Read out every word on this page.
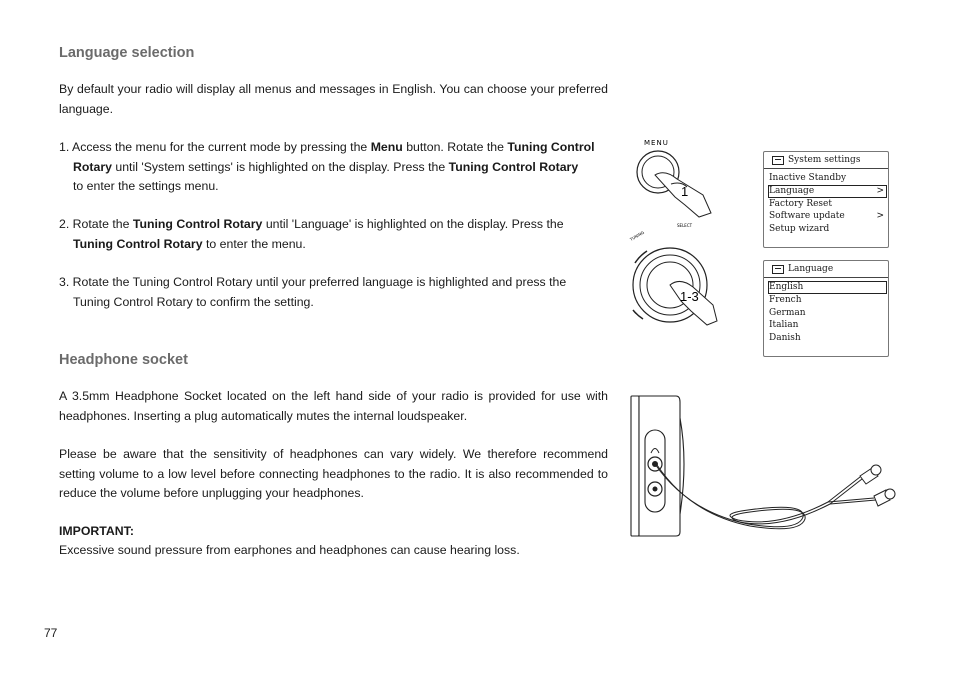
Language selection

By default your radio will display all menus and messages in English. You can choose your preferred language.

1. Access the menu for the current mode by pressing the Menu button. Rotate the Tuning Control
Rotary until 'System settings' is highlighted on the display. Press the Tuning Control Rotary
to enter the settings menu.

2. Rotate the Tuning Control Rotary until 'Language' is highlighted on the display. Press the
Tuning Control Rotary to enter the menu.

3. Rotate the Tuning Control Rotary until your preferred language is highlighted and press the
Tuning Control Rotary to confirm the setting.

Headphone socket

A 3.5mm Headphone Socket located on the left hand side of your radio is provided for use with headphones. Inserting a plug automatically mutes the internal loudspeaker.

Please be aware that the sensitivity of headphones can vary widely. We therefore recommend setting volume to a low level before connecting headphones to the radio. It is also recommended to reduce the volume before unplugging your headphones.

IMPORTANT:

Excessive sound pressure from earphones and headphones can cause hearing loss.

77
MENU
1
TUNING
SELECT
1-3
System settings
Inactive Standby
Language	>
Factory Reset
Software update	>
Setup wizard
Language
English
French
German
Italian
Danish
